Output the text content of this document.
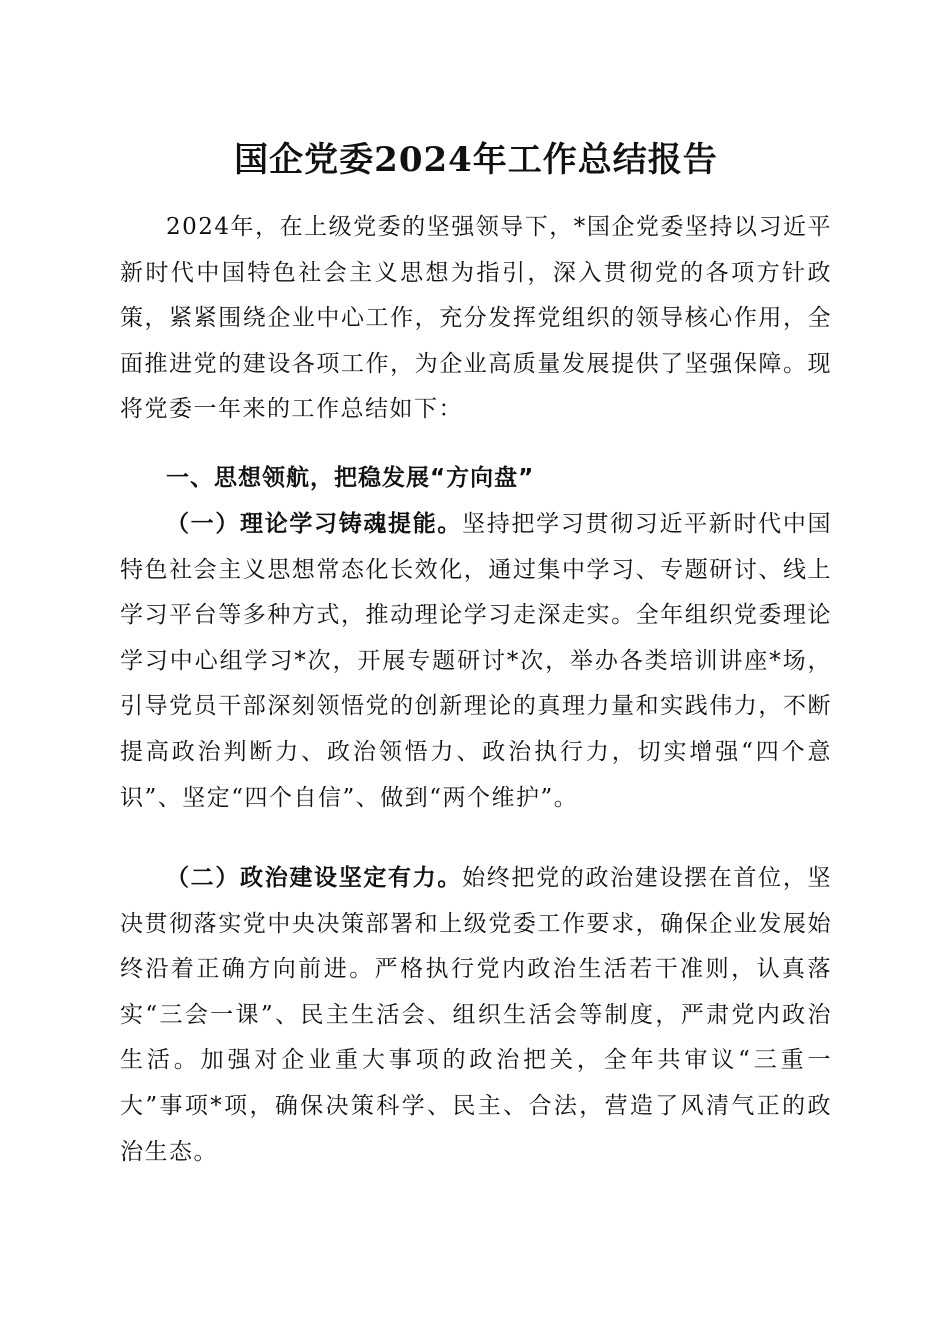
国企党委2024年工作总结报告

2024年，在上级党委的坚强领导下，*国企党委坚持以习近平新时代中国特色社会主义思想为指引，深入贯彻党的各项方针政策，紧紧围绕企业中心工作，充分发挥党组织的领导核心作用，全面推进党的建设各项工作，为企业高质量发展提供了坚强保障。现将党委一年来的工作总结如下：

一、思想领航，把稳发展“方向盘”

（一）理论学习铸魂提能。坚持把学习贯彻习近平新时代中国特色社会主义思想常态化长效化，通过集中学习、专题研讨、线上学习平台等多种方式，推动理论学习走深走实。全年组织党委理论学习中心组学习*次，开展专题研讨*次，举办各类培训讲座*场，引导党员干部深刻领悟党的创新理论的真理力量和实践伟力，不断提高政治判断力、政治领悟力、政治执行力，切实增强“四个意识”、坚定“四个自信”、做到“两个维护”。

（二）政治建设坚定有力。始终把党的政治建设摆在首位，坚决贯彻落实党中央决策部署和上级党委工作要求，确保企业发展始终沿着正确方向前进。严格执行党内政治生活若干准则，认真落实“三会一课”、民主生活会、组织生活会等制度，严肃党内政治生活。加强对企业重大事项的政治把关，全年共审议“三重一大”事项*项，确保决策科学、民主、合法，营造了风清气正的政治生态。
